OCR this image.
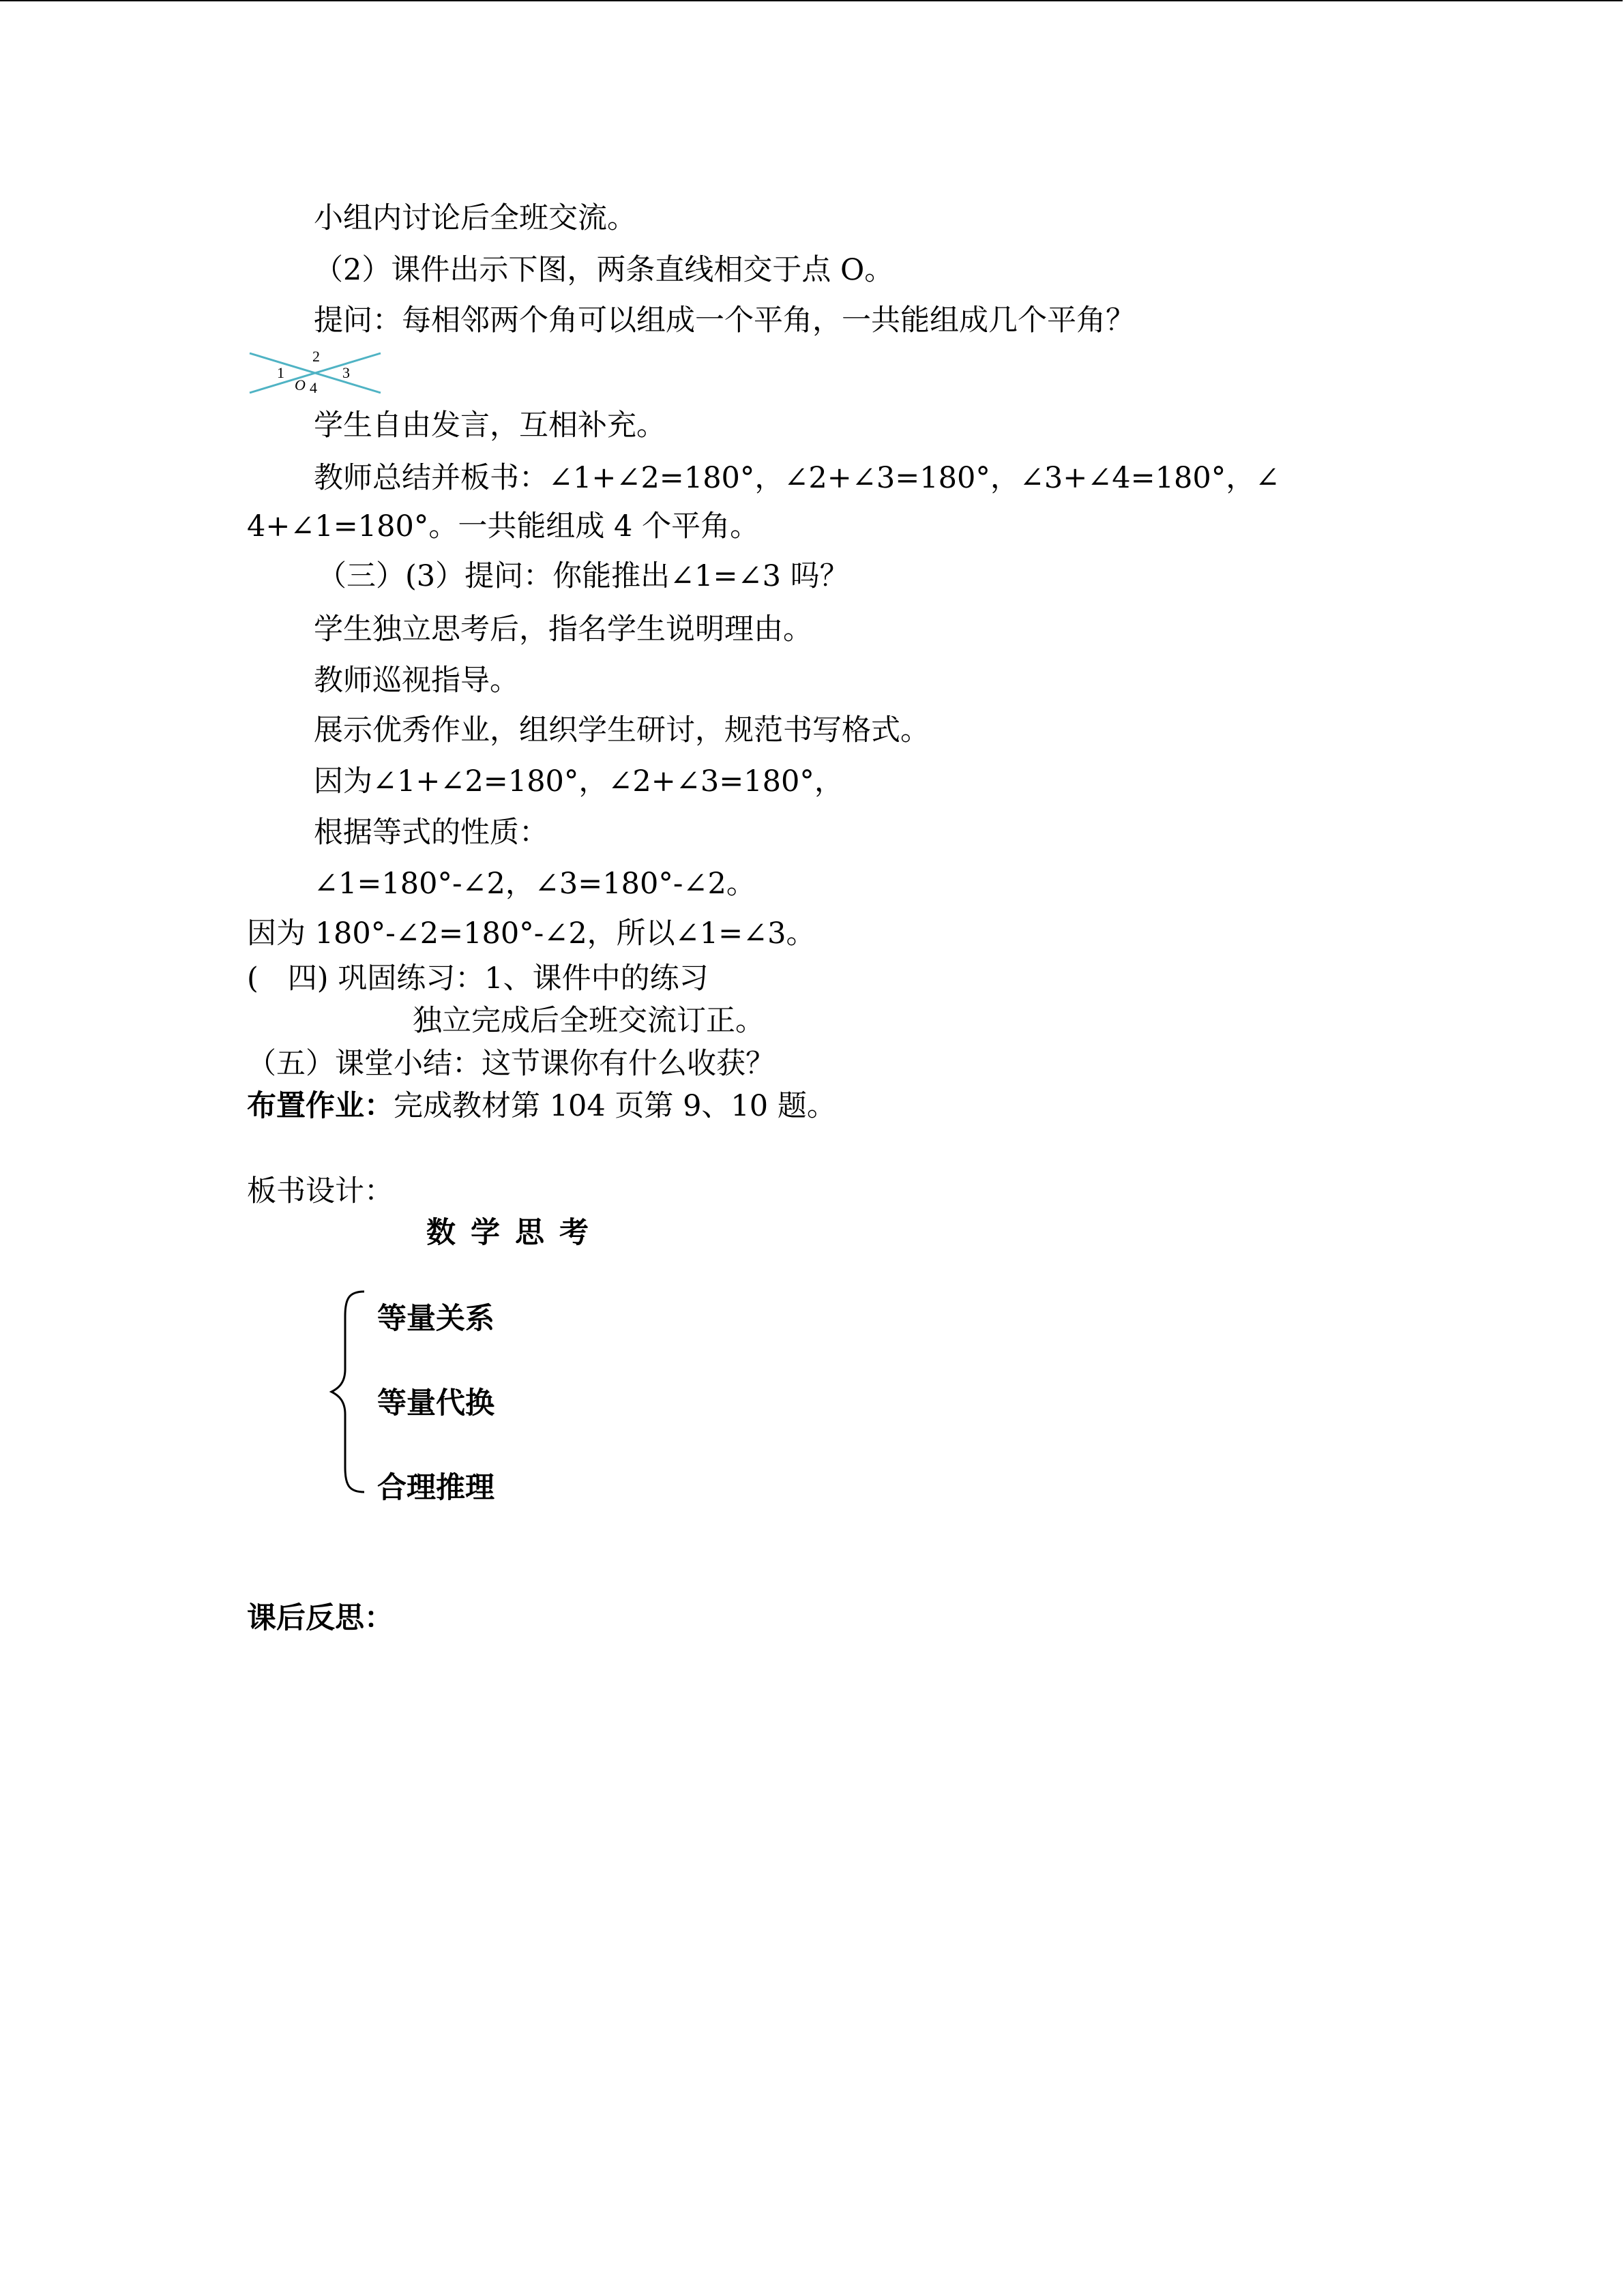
小组内讨论后全班交流。
（2）课件出示下图，两条直线相交于点 O。
提问：每相邻两个角可以组成一个平角，一共能组成几个平角？
1
2
3
4
O
学生自由发言，互相补充。
教师总结并板书：∠1+∠2=180°，∠2+∠3=180°，∠3+∠4=180°，∠
4+∠1=180°。一共能组成 4 个平角。
（三）(3）提问：你能推出∠1=∠3 吗？
学生独立思考后，指名学生说明理由。
教师巡视指导。
展示优秀作业，组织学生研讨，规范书写格式。
因为∠1+∠2=180°，∠2+∠3=180°，
根据等式的性质：
∠1=180°-∠2，∠3=180°-∠2。
因为 180°-∠2=180°-∠2，所以∠1=∠3。
(　四) 巩固练习：1、课件中的练习
独立完成后全班交流订正。
（五）课堂小结：这节课你有什么收获？
布置作业：完成教材第 104 页第 9、10 题。
板书设计：
数学思考
等量关系
等量代换
合理推理
课后反思：
